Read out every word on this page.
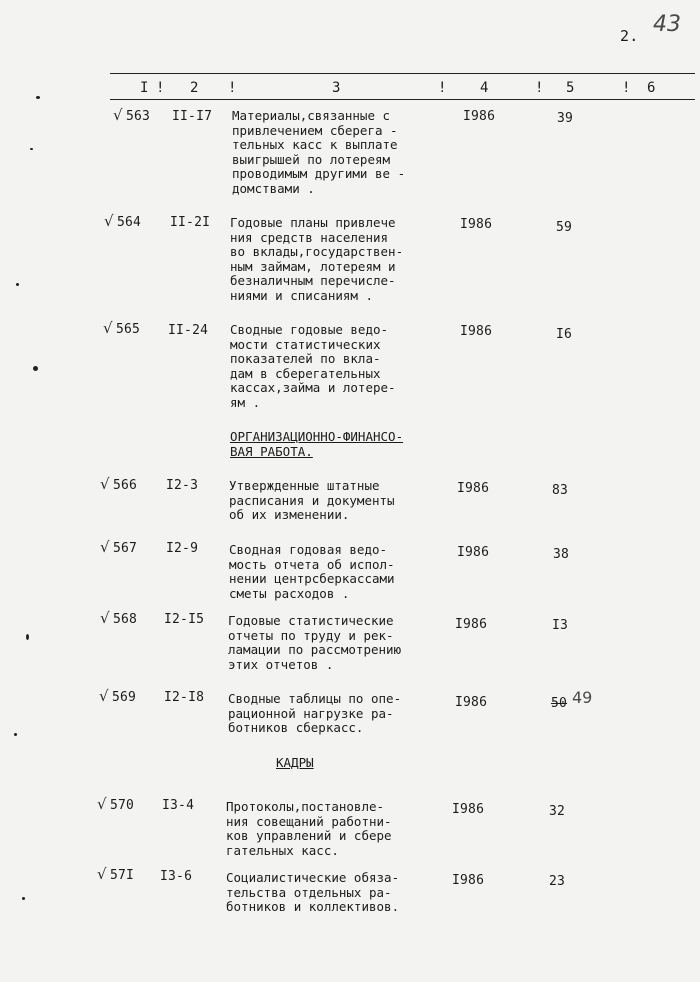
2. 43
I ! 2 !	3	! 4	! 5	! 6
√ 563 II-I7 Материалы,связанные с
привлечением сберега -
тельных касс к выплате
выигрышей по лотереям
проводимым другими ве -
домствами .
I986	39
√ 564 II-2I Годовые планы привлече
ния средств населения
во вклады,государствен-
ным займам, лотереям и
безналичным перечисле-
ниями и списаниям .
I986	59
√ 565 II-24 Сводные годовые ведо-
мости статистических
показателей по вкла-
дам в сберегательных
кассах,займа и лотере-
ям .
I986	I6
ОРГАНИЗАЦИОННО-ФИНАНСО-
ВАЯ РАБОТА.
√ 566 I2-3 Утвержденные штатные
расписания и документы
об их изменении.
I986	83
√ 567 I2-9 Сводная годовая ведо-
мость отчета об испол-
нении центрсберкассами
сметы расходов .
I986	38
√ 568 I2-I5 Годовые статистические
отчеты по труду и рек-
ламации по рассмотрению
этих отчетов .
I986	I3
√ 569 I2-I8 Сводные таблицы по опе-
рационной нагрузке ра-
ботников сберкасс.
I986	50 49
КАДРЫ
√ 570 I3-4	Протоколы,постановле-
ния совещаний работни-
ков управлений и сбере
гательных касс.
I986	32
√ 57I I3-6	Социалистические обяза-
тельства отдельных ра-
ботников и коллективов.
I986	23
